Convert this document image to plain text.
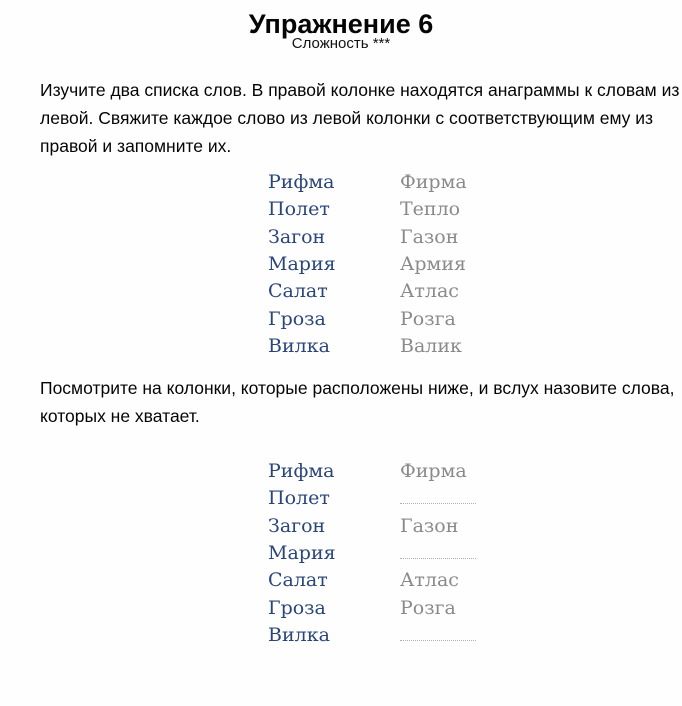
Упражнение 6
Сложность ***

Изучите два списка слов. В правой колонке находятся анаграммы к словам из левой. Свяжите каждое слово из левой колонки с соответствующим ему из правой и запомните их.

Рифма	Фирма
Полет	Тепло
Загон	Газон
Мария	Армия
Салат	Атлас
Гроза	Розга
Вилка	Валик

Посмотрите на колонки, которые расположены ниже, и вслух назовите слова, которых не хватает.

Рифма	Фирма
Полет
Загон	Газон
Мария
Салат	Атлас
Гроза	Розга
Вилка
